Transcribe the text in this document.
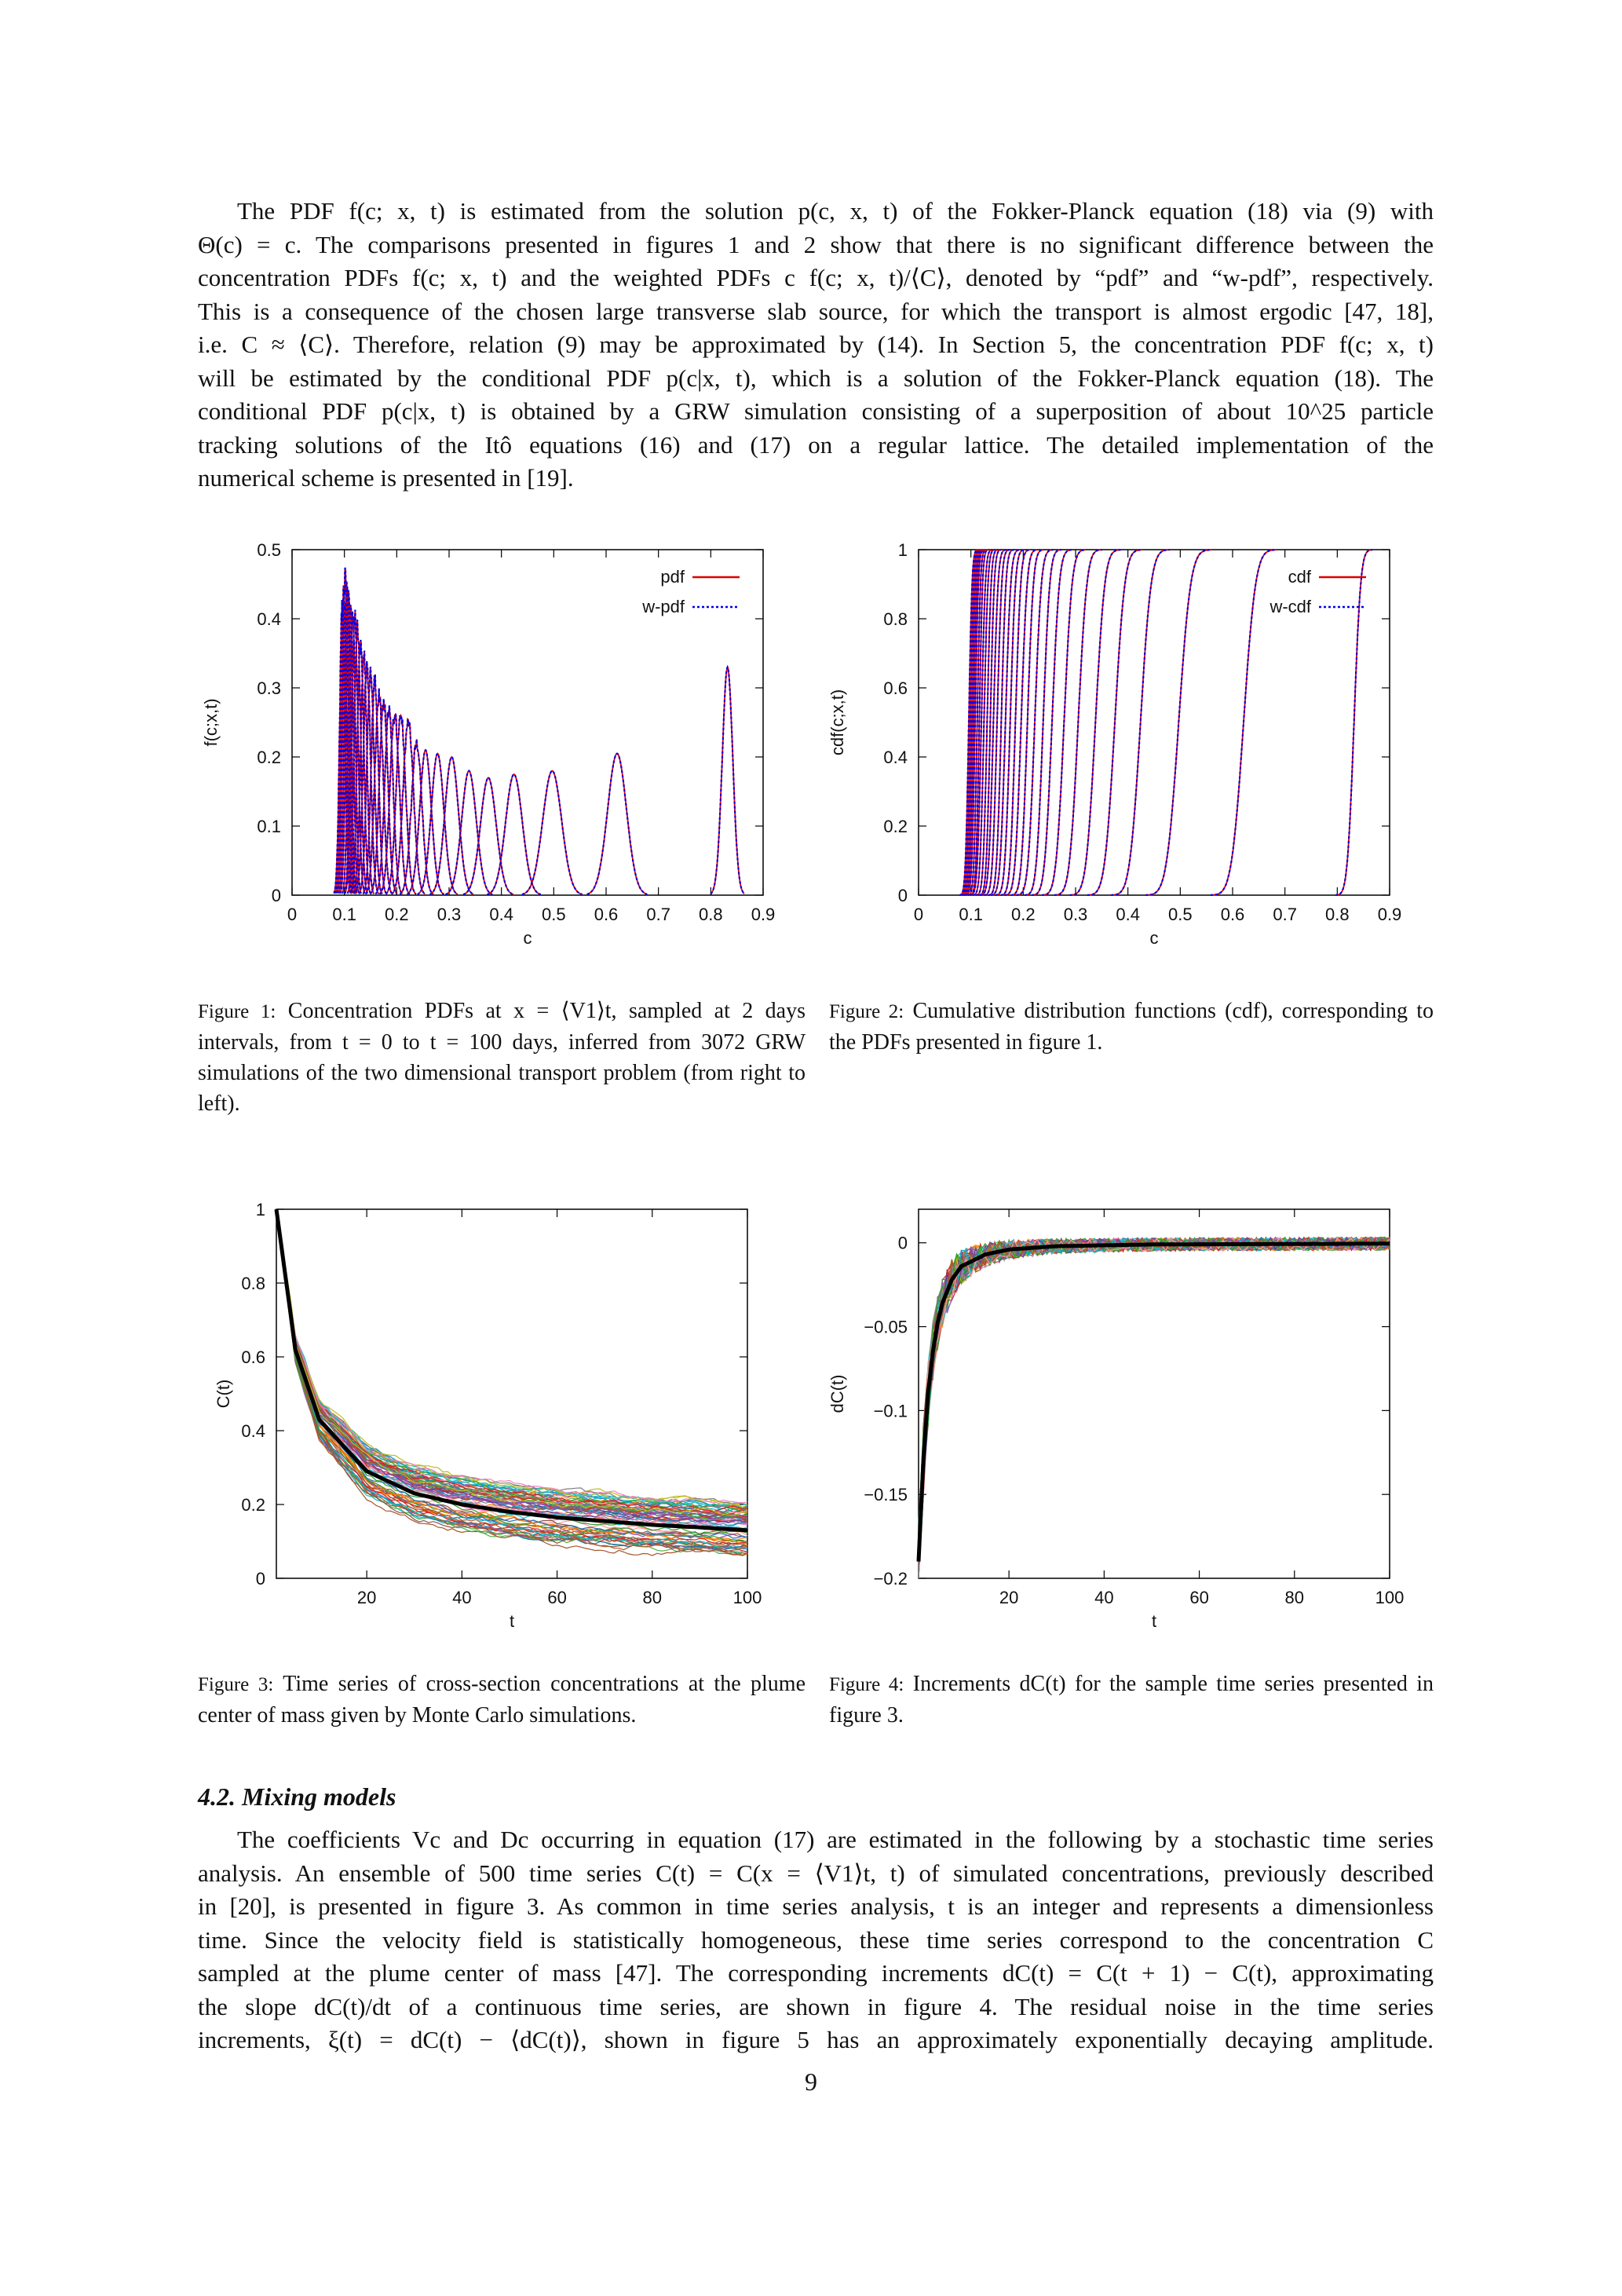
The PDF f(c; x, t) is estimated from the solution p(c, x, t) of the Fokker-Planck equation (18) via (9) with
Θ(c) = c. The comparisons presented in figures 1 and 2 show that there is no significant difference between the
concentration PDFs f(c; x, t) and the weighted PDFs c f(c; x, t)/⟨C⟩, denoted by “pdf” and “w-pdf”, respectively.
This is a consequence of the chosen large transverse slab source, for which the transport is almost ergodic [47, 18],
i.e. C ≈ ⟨C⟩. Therefore, relation (9) may be approximated by (14). In Section 5, the concentration PDF f(c; x, t)
will be estimated by the conditional PDF p(c|x, t), which is a solution of the Fokker-Planck equation (18). The
conditional PDF p(c|x, t) is obtained by a GRW simulation consisting of a superposition of about 10^25 particle
tracking solutions of the Itô equations (16) and (17) on a regular lattice. The detailed implementation of the
numerical scheme is presented in [19].
0 0.1 0.2 0.3 0.4 0.5 0.6 0.7 0.8 0.9
0
0.1
0.2
0.3
0.4
0.5
c
f(c;x,t)
pdf
w-pdf
0 0.1 0.2 0.3 0.4 0.5 0.6 0.7 0.8 0.9
0
0.2
0.4
0.6
0.8
1
c
cdf(c;x,t)
cdf
w-cdf

Figure 1: Concentration PDFs at x = ⟨V1⟩t, sampled at 2 days intervals, from t = 0 to t = 100 days, inferred from 3072 GRW simulations of the two dimensional transport problem (from right to left).

Figure 2: Cumulative distribution functions (cdf), corresponding to the PDFs presented in figure 1.

20	40	60	80	100
0
0.2
0.4
0.6
0.8
1
t
C(t)
20	40	60	80	100
0
−0.05
−0.1
−0.15
−0.2
t
dC(t)

Figure 3: Time series of cross-section concentrations at the plume center of mass given by Monte Carlo simulations.

Figure 4: Increments dC(t) for the sample time series presented in figure 3.

4.2. Mixing models
The coefficients Vc and Dc occurring in equation (17) are estimated in the following by a stochastic time series
analysis. An ensemble of 500 time series C(t) = C(x = ⟨V1⟩t, t) of simulated concentrations, previously described
in [20], is presented in figure 3. As common in time series analysis, t is an integer and represents a dimensionless
time. Since the velocity field is statistically homogeneous, these time series correspond to the concentration C
sampled at the plume center of mass [47]. The corresponding increments dC(t) = C(t + 1) − C(t), approximating
the slope dC(t)/dt of a continuous time series, are shown in figure 4. The residual noise in the time series
increments, ξ(t) = dC(t) − ⟨dC(t)⟩, shown in figure 5 has an approximately exponentially decaying amplitude.
9
